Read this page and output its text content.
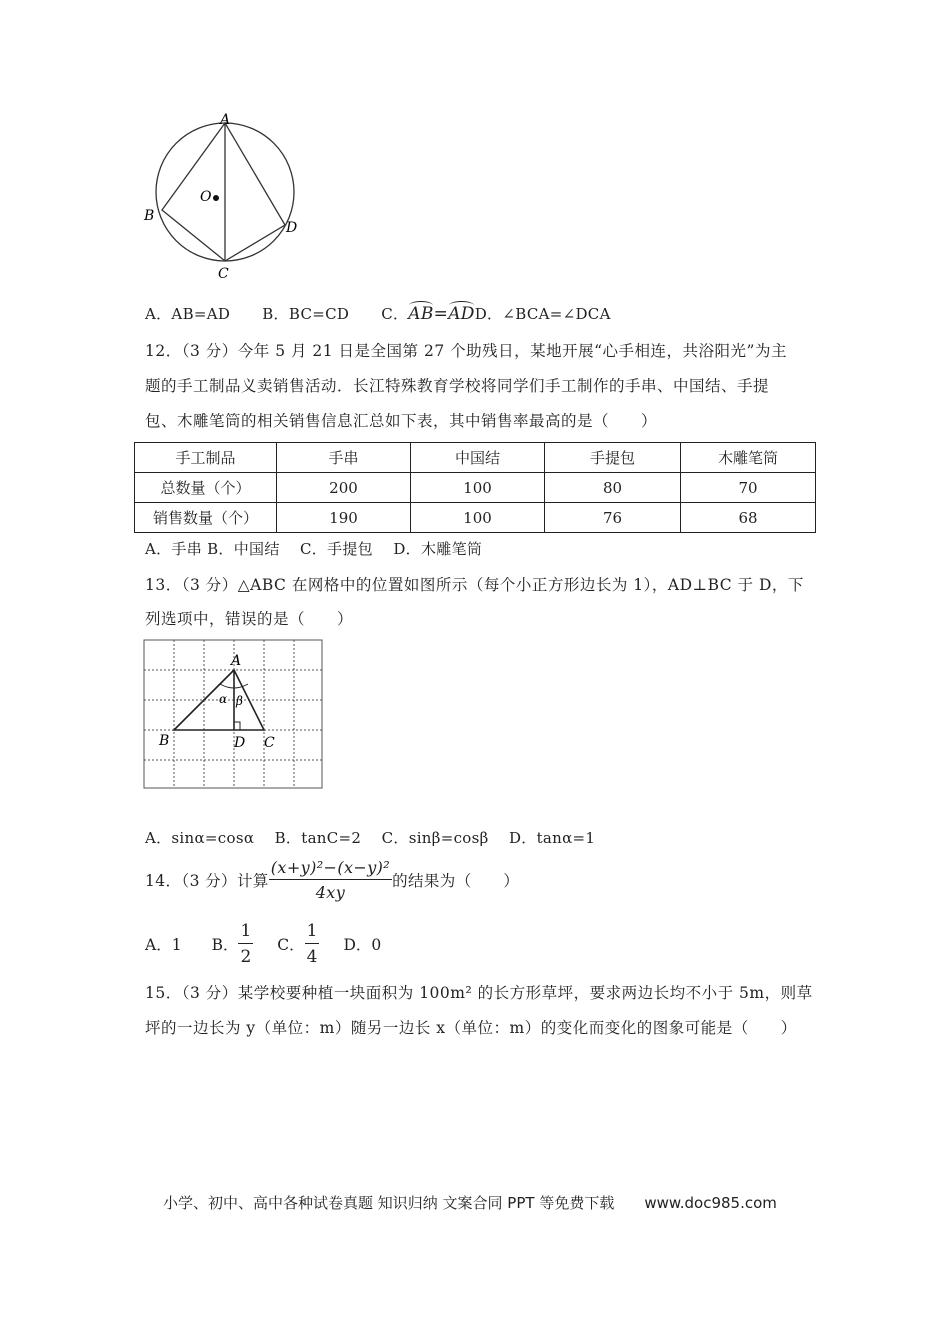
A
B
C
D
O
A．AB=AD B．BC=CD C．AB=ADD．∠BCA=∠DCA
12．（3 分）今年 5 月 21 日是全国第 27 个助残日，某地开展“心手相连，共浴阳光”为主
题的手工制品义卖销售活动．长江特殊教育学校将同学们手工制作的手串、中国结、手提
包、木雕笔筒的相关销售信息汇总如下表，其中销售率最高的是（　　）
手工制品	手串	中国结	手提包	木雕笔筒
总数量（个）	200	100	80	70
销售数量（个）	190	100	76	68
A．手串 B．中国结　 C．手提包　 D．木雕笔筒
13．（3 分）△ABC 在网格中的位置如图所示（每个小正方形边长为 1），AD⊥BC 于 D，下
列选项中，错误的是（　　）
A
B	D C
α β
A．sinα=cosα　 B．tanC=2　 C．sinβ=cosβ　 D．tanα=1
14．（3 分）计算 $\frac{\text{(x+y)²−(x−y)²}}{4xy}$ 的结果为（　　）
A．1 B． $\frac{1}{2}$ C． $\frac{1}{4}$ D．0
15．（3 分）某学校要种植一块面积为 100m² 的长方形草坪，要求两边长均不小于 5m，则草
坪的一边长为 y（单位：m）随另一边长 x（单位：m）的变化而变化的图象可能是（　　）
小学、初中、高中各种试卷真题 知识归纳 文案合同 PPT 等免费下载　　www.doc985.com
